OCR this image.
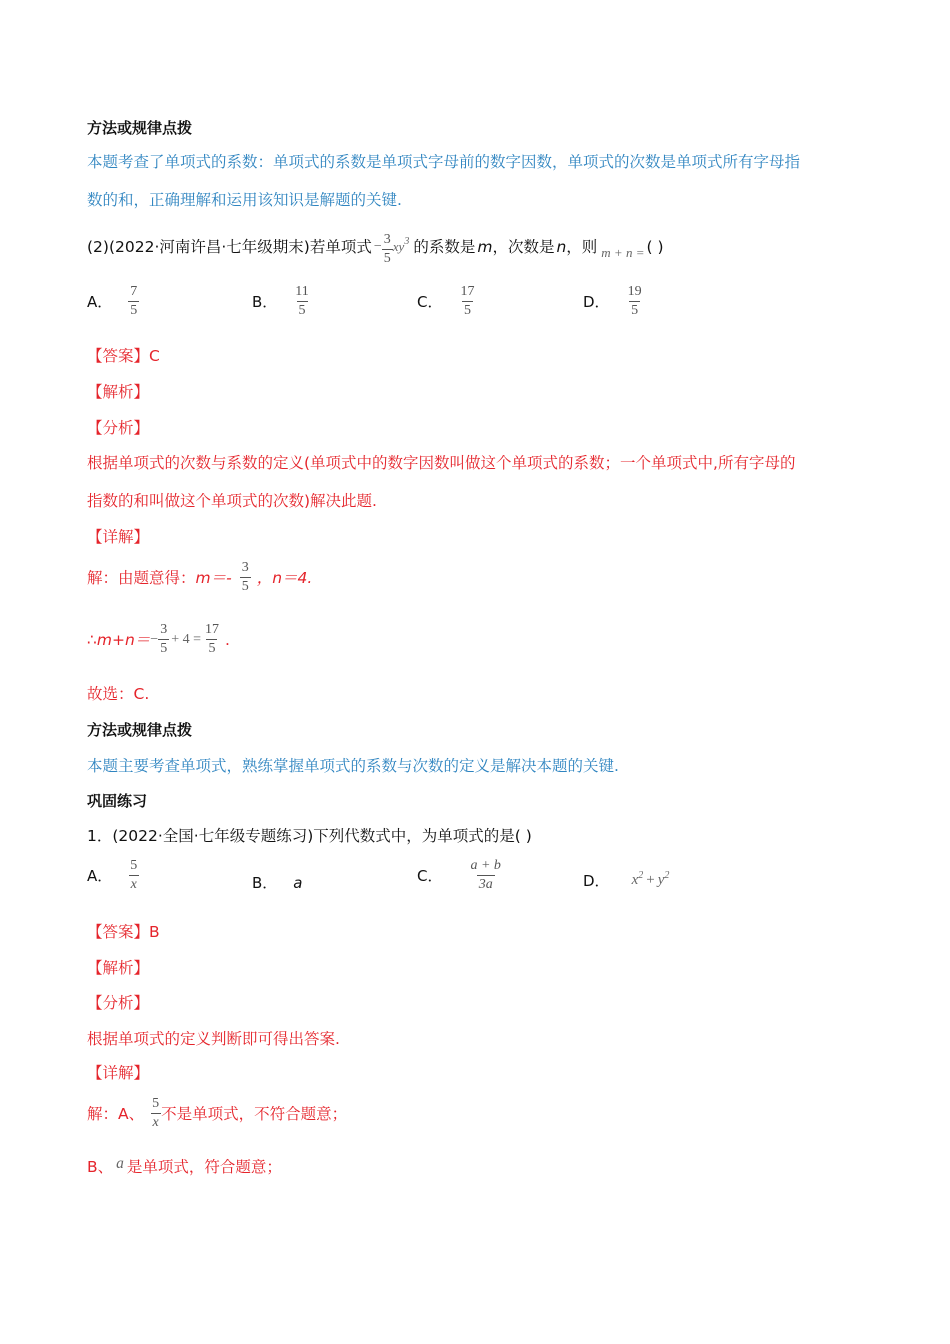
方法或规律点拨
本题考查了单项式的系数：单项式的系数是单项式字母前的数字因数，单项式的次数是单项式所有字母指
数的和，正确理解和运用该知识是解题的关键.
(2)(2022·河南许昌·七年级期末)若单项式 − $\frac{3}{5} xy^3$ 的系数是 m ，次数是 n ，则 m + n = ( )
A． $\frac{7}{5}$	B． $\frac{11}{5}$	C． $\frac{17}{5}$	D． $\frac{19}{5}$
【答案】C
【解析】
【分析】
根据单项式的次数与系数的定义(单项式中的数字因数叫做这个单项式的系数；一个单项式中,所有字母的
指数的和叫做这个单项式的次数)解决此题.
【详解】
解：由题意得： $m=- \frac{3}{5}$ ，n＝4.
∴m+n＝ − $\frac{3}{5} + 4 = \frac{17}{5}$ .
故选：C.
方法或规律点拨
本题主要考查单项式，熟练掌握单项式的系数与次数的定义是解决本题的关键.
巩固练习
1．(2022·全国·七年级专题练习)下列代数式中，为单项式的是( )
A． $\frac{5}{x}$	B． a	C． $\frac{a + b}{3a}$	D． $x^2 + y^2$
【答案】B
【解析】
【分析】
根据单项式的定义判断即可得出答案.
【详解】
解：A、 $\frac{5}{x}$ 不是单项式，不符合题意；
B、 a 是单项式，符合题意；
